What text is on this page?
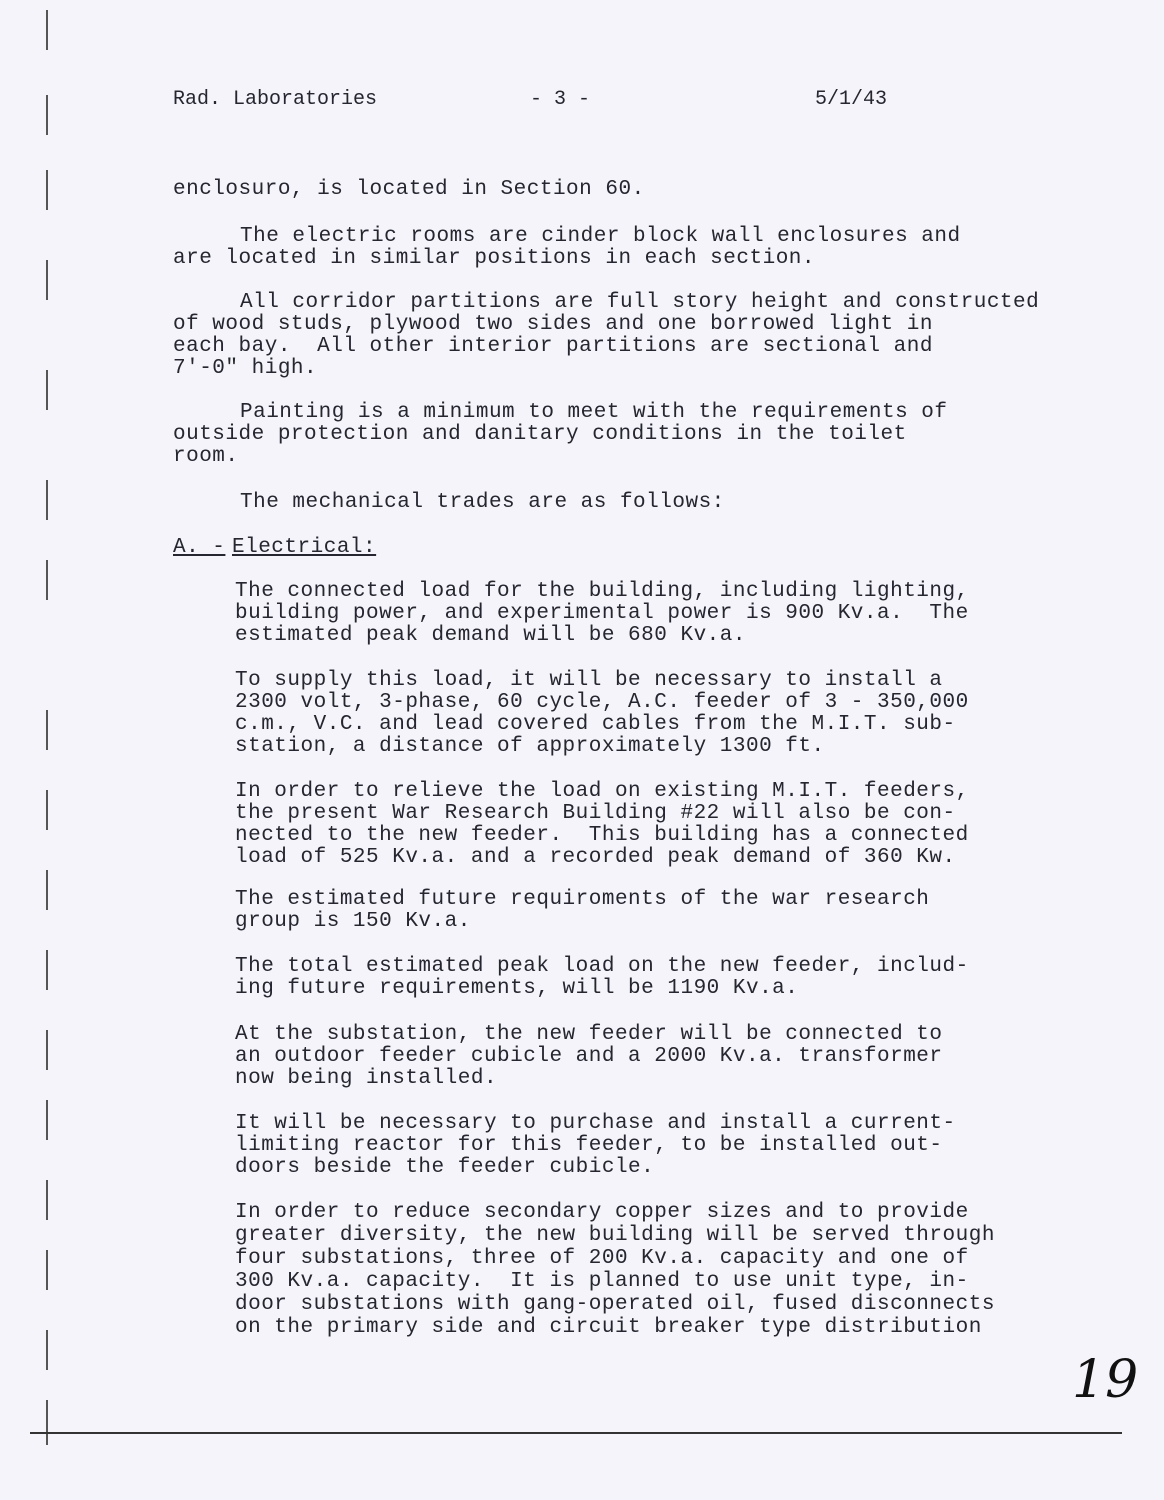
Rad. Laboratories	- 3 -	5/1/43
enclosuro, is located in Section 60.
The electric rooms are cinder block wall enclosures and
are located in similar positions in each section.
All corridor partitions are full story height and constructed
of wood studs, plywood two sides and one borrowed light in
each bay.  All other interior partitions are sectional and
7'-0" high.
Painting is a minimum to meet with the requirements of
outside protection and danitary conditions in the toilet
room.
The mechanical trades are as follows:
A. - Electrical:
The connected load for the building, including lighting,
building power, and experimental power is 900 Kv.a.  The
estimated peak demand will be 680 Kv.a.
To supply this load, it will be necessary to install a
2300 volt, 3-phase, 60 cycle, A.C. feeder of 3 - 350,000
c.m., V.C. and lead covered cables from the M.I.T. sub-
station, a distance of approximately 1300 ft.
In order to relieve the load on existing M.I.T. feeders,
the present War Research Building #22 will also be con-
nected to the new feeder.  This building has a connected
load of 525 Kv.a. and a recorded peak demand of 360 Kw.
The estimated future requiroments of the war research
group is 150 Kv.a.
The total estimated peak load on the new feeder, includ-
ing future requirements, will be 1190 Kv.a.
At the substation, the new feeder will be connected to
an outdoor feeder cubicle and a 2000 Kv.a. transformer
now being installed.
It will be necessary to purchase and install a current-
limiting reactor for this feeder, to be installed out-
doors beside the feeder cubicle.
In order to reduce secondary copper sizes and to provide
greater diversity, the new building will be served through
four substations, three of 200 Kv.a. capacity and one of
300 Kv.a. capacity.  It is planned to use unit type, in-
door substations with gang-operated oil, fused disconnects
on the primary side and circuit breaker type distribution
19
